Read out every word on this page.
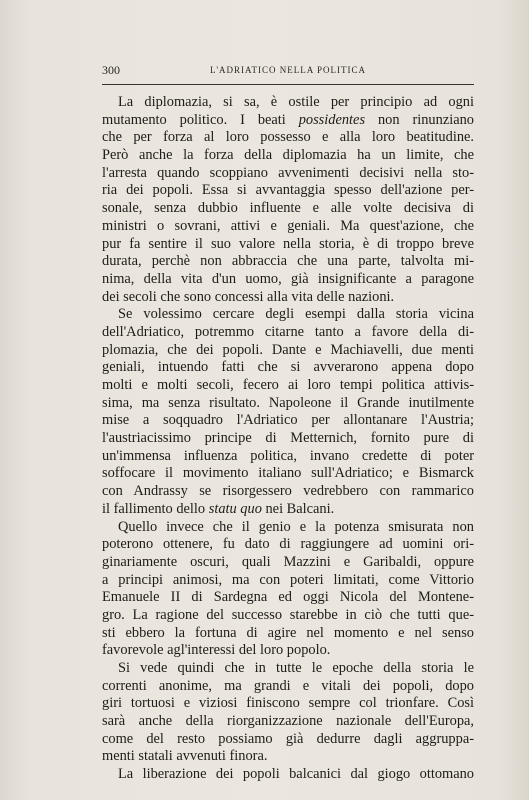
300	L'ADRIATICO NELLA POLITICA
La diplomazia, si sa, è ostile per principio ad ogni
mutamento politico. I beati possidentes non rinunziano
che per forza al loro possesso e alla loro beatitudine.
Però anche la forza della diplomazia ha un limite, che
l'arresta quando scoppiano avvenimenti decisivi nella sto-
ria dei popoli. Essa si avvantaggia spesso dell'azione per-
sonale, senza dubbio influente e alle volte decisiva di
ministri o sovrani, attivi e geniali. Ma quest'azione, che
pur fa sentire il suo valore nella storia, è di troppo breve
durata, perchè non abbraccia che una parte, talvolta mi-
nima, della vita d'un uomo, già insignificante a paragone
dei secoli che sono concessi alla vita delle nazioni.
Se volessimo cercare degli esempi dalla storia vicina
dell'Adriatico, potremmo citarne tanto a favore della di-
plomazia, che dei popoli. Dante e Machiavelli, due menti
geniali, intuendo fatti che si avverarono appena dopo
molti e molti secoli, fecero ai loro tempi politica attivis-
sima, ma senza risultato. Napoleone il Grande inutilmente
mise a soqquadro l'Adriatico per allontanare l'Austria;
l'austriacissimo principe di Metternich, fornito pure di
un'immensa influenza politica, invano credette di poter
soffocare il movimento italiano sull'Adriatico; e Bismarck
con Andrassy se risorgessero vedrebbero con rammarico
il fallimento dello statu quo nei Balcani.
Quello invece che il genio e la potenza smisurata non
poterono ottenere, fu dato di raggiungere ad uomini ori-
ginariamente oscuri, quali Mazzini e Garibaldi, oppure
a principi animosi, ma con poteri limitati, come Vittorio
Emanuele II di Sardegna ed oggi Nicola del Montene-
gro. La ragione del successo starebbe in ciò che tutti que-
sti ebbero la fortuna di agire nel momento e nel senso
favorevole agl'interessi del loro popolo.
Si vede quindi che in tutte le epoche della storia le
correnti anonime, ma grandi e vitali dei popoli, dopo
giri tortuosi e viziosi finiscono sempre col trionfare. Così
sarà anche della riorganizzazione nazionale dell'Europa,
come del resto possiamo già dedurre dagli aggruppa-
menti statali avvenuti finora.
La liberazione dei popoli balcanici dal giogo ottomano
